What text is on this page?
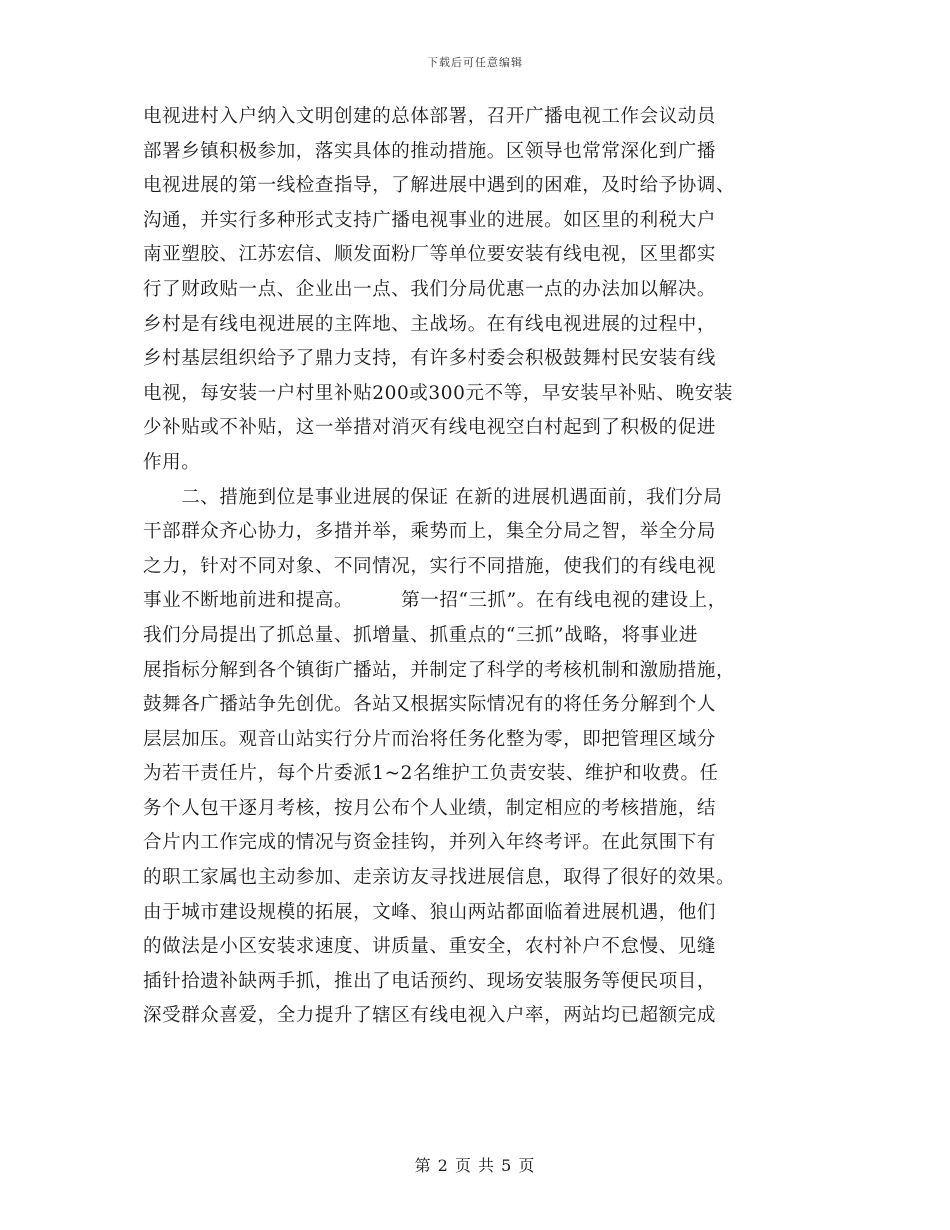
下载后可任意编辑
电视进村入户纳入文明创建的总体部署，召开广播电视工作会议动员
部署乡镇积极参加，落实具体的推动措施。区领导也常常深化到广播
电视进展的第一线检查指导，了解进展中遇到的困难，及时给予协调、
沟通，并实行多种形式支持广播电视事业的进展。如区里的利税大户
南亚塑胶、江苏宏信、顺发面粉厂等单位要安装有线电视，区里都实
行了财政贴一点、企业出一点、我们分局优惠一点的办法加以解决。
乡村是有线电视进展的主阵地、主战场。在有线电视进展的过程中，
乡村基层组织给予了鼎力支持，有许多村委会积极鼓舞村民安装有线
电视，每安装一户村里补贴200或300元不等，早安装早补贴、晚安装
少补贴或不补贴，这一举措对消灭有线电视空白村起到了积极的促进
作用。
　　二、措施到位是事业进展的保证 在新的进展机遇面前，我们分局
干部群众齐心协力，多措并举，乘势而上，集全分局之智，举全分局
之力，针对不同对象、不同情况，实行不同措施，使我们的有线电视
事业不断地前进和提高。　　　第一招“三抓”。在有线电视的建设上，
我们分局提出了抓总量、抓增量、抓重点的“三抓”战略，将事业进
展指标分解到各个镇街广播站，并制定了科学的考核机制和激励措施，
鼓舞各广播站争先创优。各站又根据实际情况有的将任务分解到个人
层层加压。观音山站实行分片而治将任务化整为零，即把管理区域分
为若干责任片，每个片委派1~2名维护工负责安装、维护和收费。任
务个人包干逐月考核，按月公布个人业绩，制定相应的考核措施，结
合片内工作完成的情况与资金挂钩，并列入年终考评。在此氛围下有
的职工家属也主动参加、走亲访友寻找进展信息，取得了很好的效果。
由于城市建设规模的拓展，文峰、狼山两站都面临着进展机遇，他们
的做法是小区安装求速度、讲质量、重安全，农村补户不怠慢、见缝
插针拾遗补缺两手抓，推出了电话预约、现场安装服务等便民项目，
深受群众喜爱，全力提升了辖区有线电视入户率，两站均已超额完成
第 2 页 共 5 页
